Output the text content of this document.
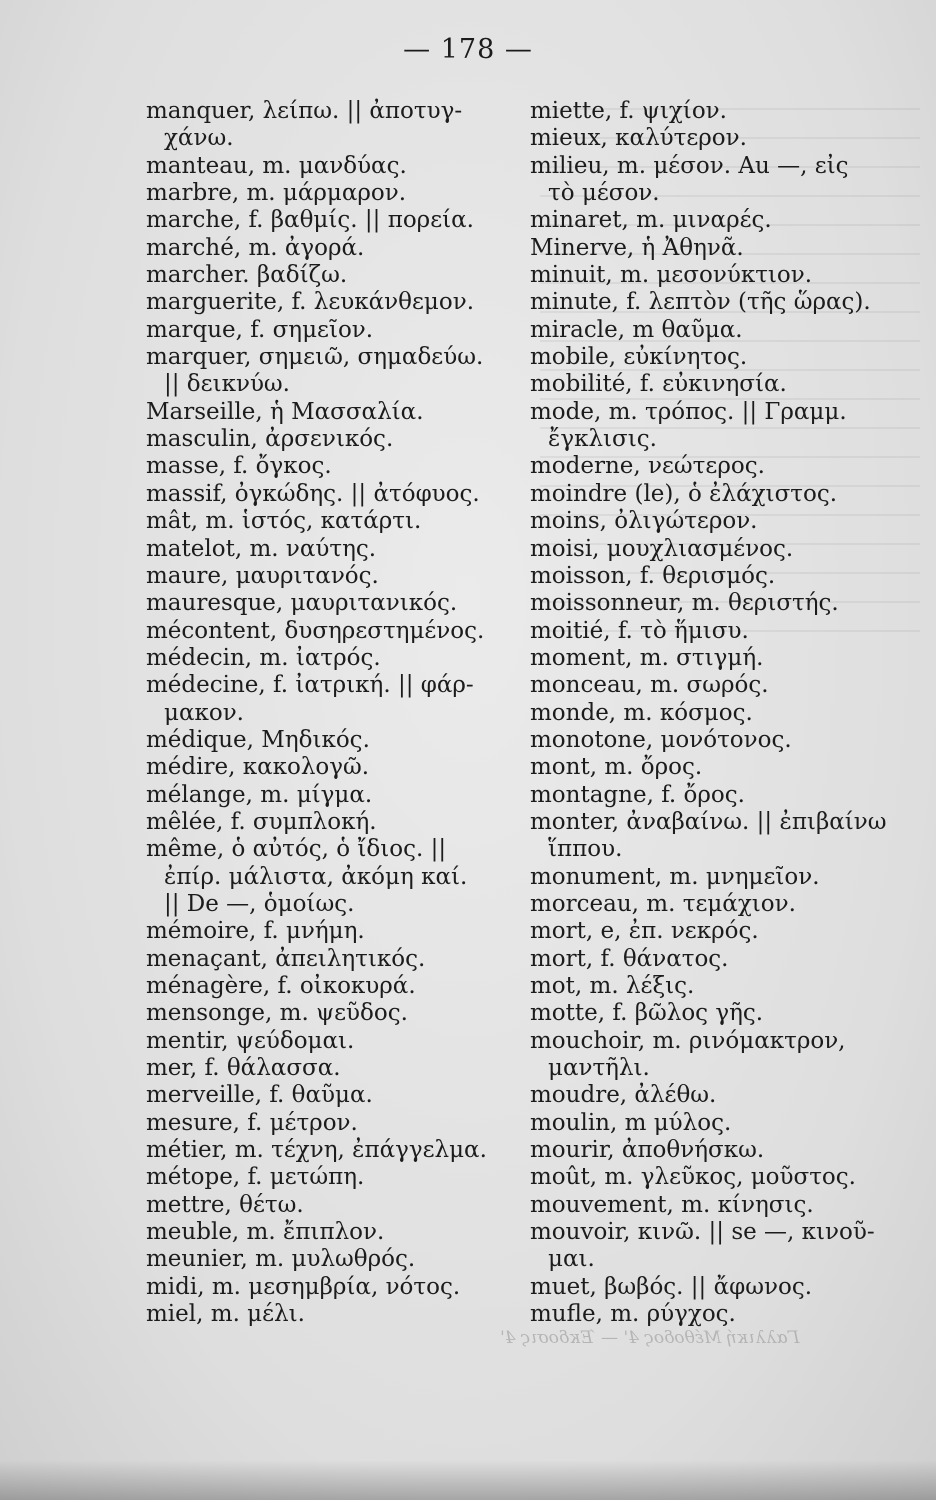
— 178 —
manquer, λείπω. || ἀποτυγ-
χάνω.
manteau, m. μανδύας.
marbre, m. μάρμαρον.
marche, f. βαθμίς. || πορεία.
marché, m. ἀγορά.
marcher. βαδίζω.
marguerite, f. λευκάνθεμον.
marque, f. σημεῖον.
marquer, σημειῶ, σημαδεύω.
|| δεικνύω.
Marseille, ἡ Μασσαλία.
masculin, ἀρσενικός.
masse, f. ὄγκος.
massif, ὀγκώδης. || ἀτόφυος.
mât, m. ἱστός, κατάρτι.
matelot, m. ναύτης.
maure, μαυριτανός.
mauresque, μαυριτανικός.
mécontent, δυσηρεστημένος.
médecin, m. ἰατρός.
médecine, f. ἰατρική. || φάρ-
μακον.
médique, Μηδικός.
médire, κακολογῶ.
mélange, m. μίγμα.
mêlée, f. συμπλοκή.
même, ὁ αὐτός, ὁ ἴδιος. ||
ἐπίρ. μάλιστα, ἀκόμη καί.
|| De —, ὁμοίως.
mémoire, f. μνήμη.
menaçant, ἀπειλητικός.
ménagère, f. οἰκοκυρά.
mensonge, m. ψεῦδος.
mentir, ψεύδομαι.
mer, f. θάλασσα.
merveille, f. θαῦμα.
mesure, f. μέτρον.
métier, m. τέχνη, ἐπάγγελμα.
métope, f. μετώπη.
mettre, θέτω.
meuble, m. ἔπιπλον.
meunier, m. μυλωθρός.
midi, m. μεσημβρία, νότος.
miel, m. μέλι.
miette, f. ψιχίον.
mieux, καλύτερον.
milieu, m. μέσον. Au —, εἰς
τὸ μέσον.
minaret, m. μιναρές.
Minerve, ἡ Ἀθηνᾶ.
minuit, m. μεσονύκτιον.
minute, f. λεπτὸν (τῆς ὥρας).
miracle, m θαῦμα.
mobile, εὐκίνητος.
mobilité, f. εὐκινησία.
mode, m. τρόπος. || Γραμμ.
ἔγκλισις.
moderne, νεώτερος.
moindre (le), ὁ ἐλάχιστος.
moins, ὀλιγώτερον.
moisi, μουχλιασμένος.
moisson, f. θερισμός.
moissonneur, m. θεριστής.
moitié, f. τὸ ἥμισυ.
moment, m. στιγμή.
monceau, m. σωρός.
monde, m. κόσμος.
monotone, μονότονος.
mont, m. ὄρος.
montagne, f. ὄρος.
monter, ἀναβαίνω. || ἐπιβαίνω
ἵππου.
monument, m. μνημεῖον.
morceau, m. τεμάχιον.
mort, e, ἐπ. νεκρός.
mort, f. θάνατος.
mot, m. λέξις.
motte, f. βῶλος γῆς.
mouchoir, m. ρινόμακτρον,
μαντῆλι.
moudre, ἀλέθω.
moulin, m μύλος.
mourir, ἀποθνήσκω.
moût, m. γλεῦκος, μοῦστος.
mouvement, m. κίνησις.
mouvoir, κινῶ. || se —, κινοῦ-
μαι.
muet, βωβός. || ἄφωνος.
mufle, m. ρύγχος.
Γαλλική Μέθοδος 4' — Έκδοσις 4'
